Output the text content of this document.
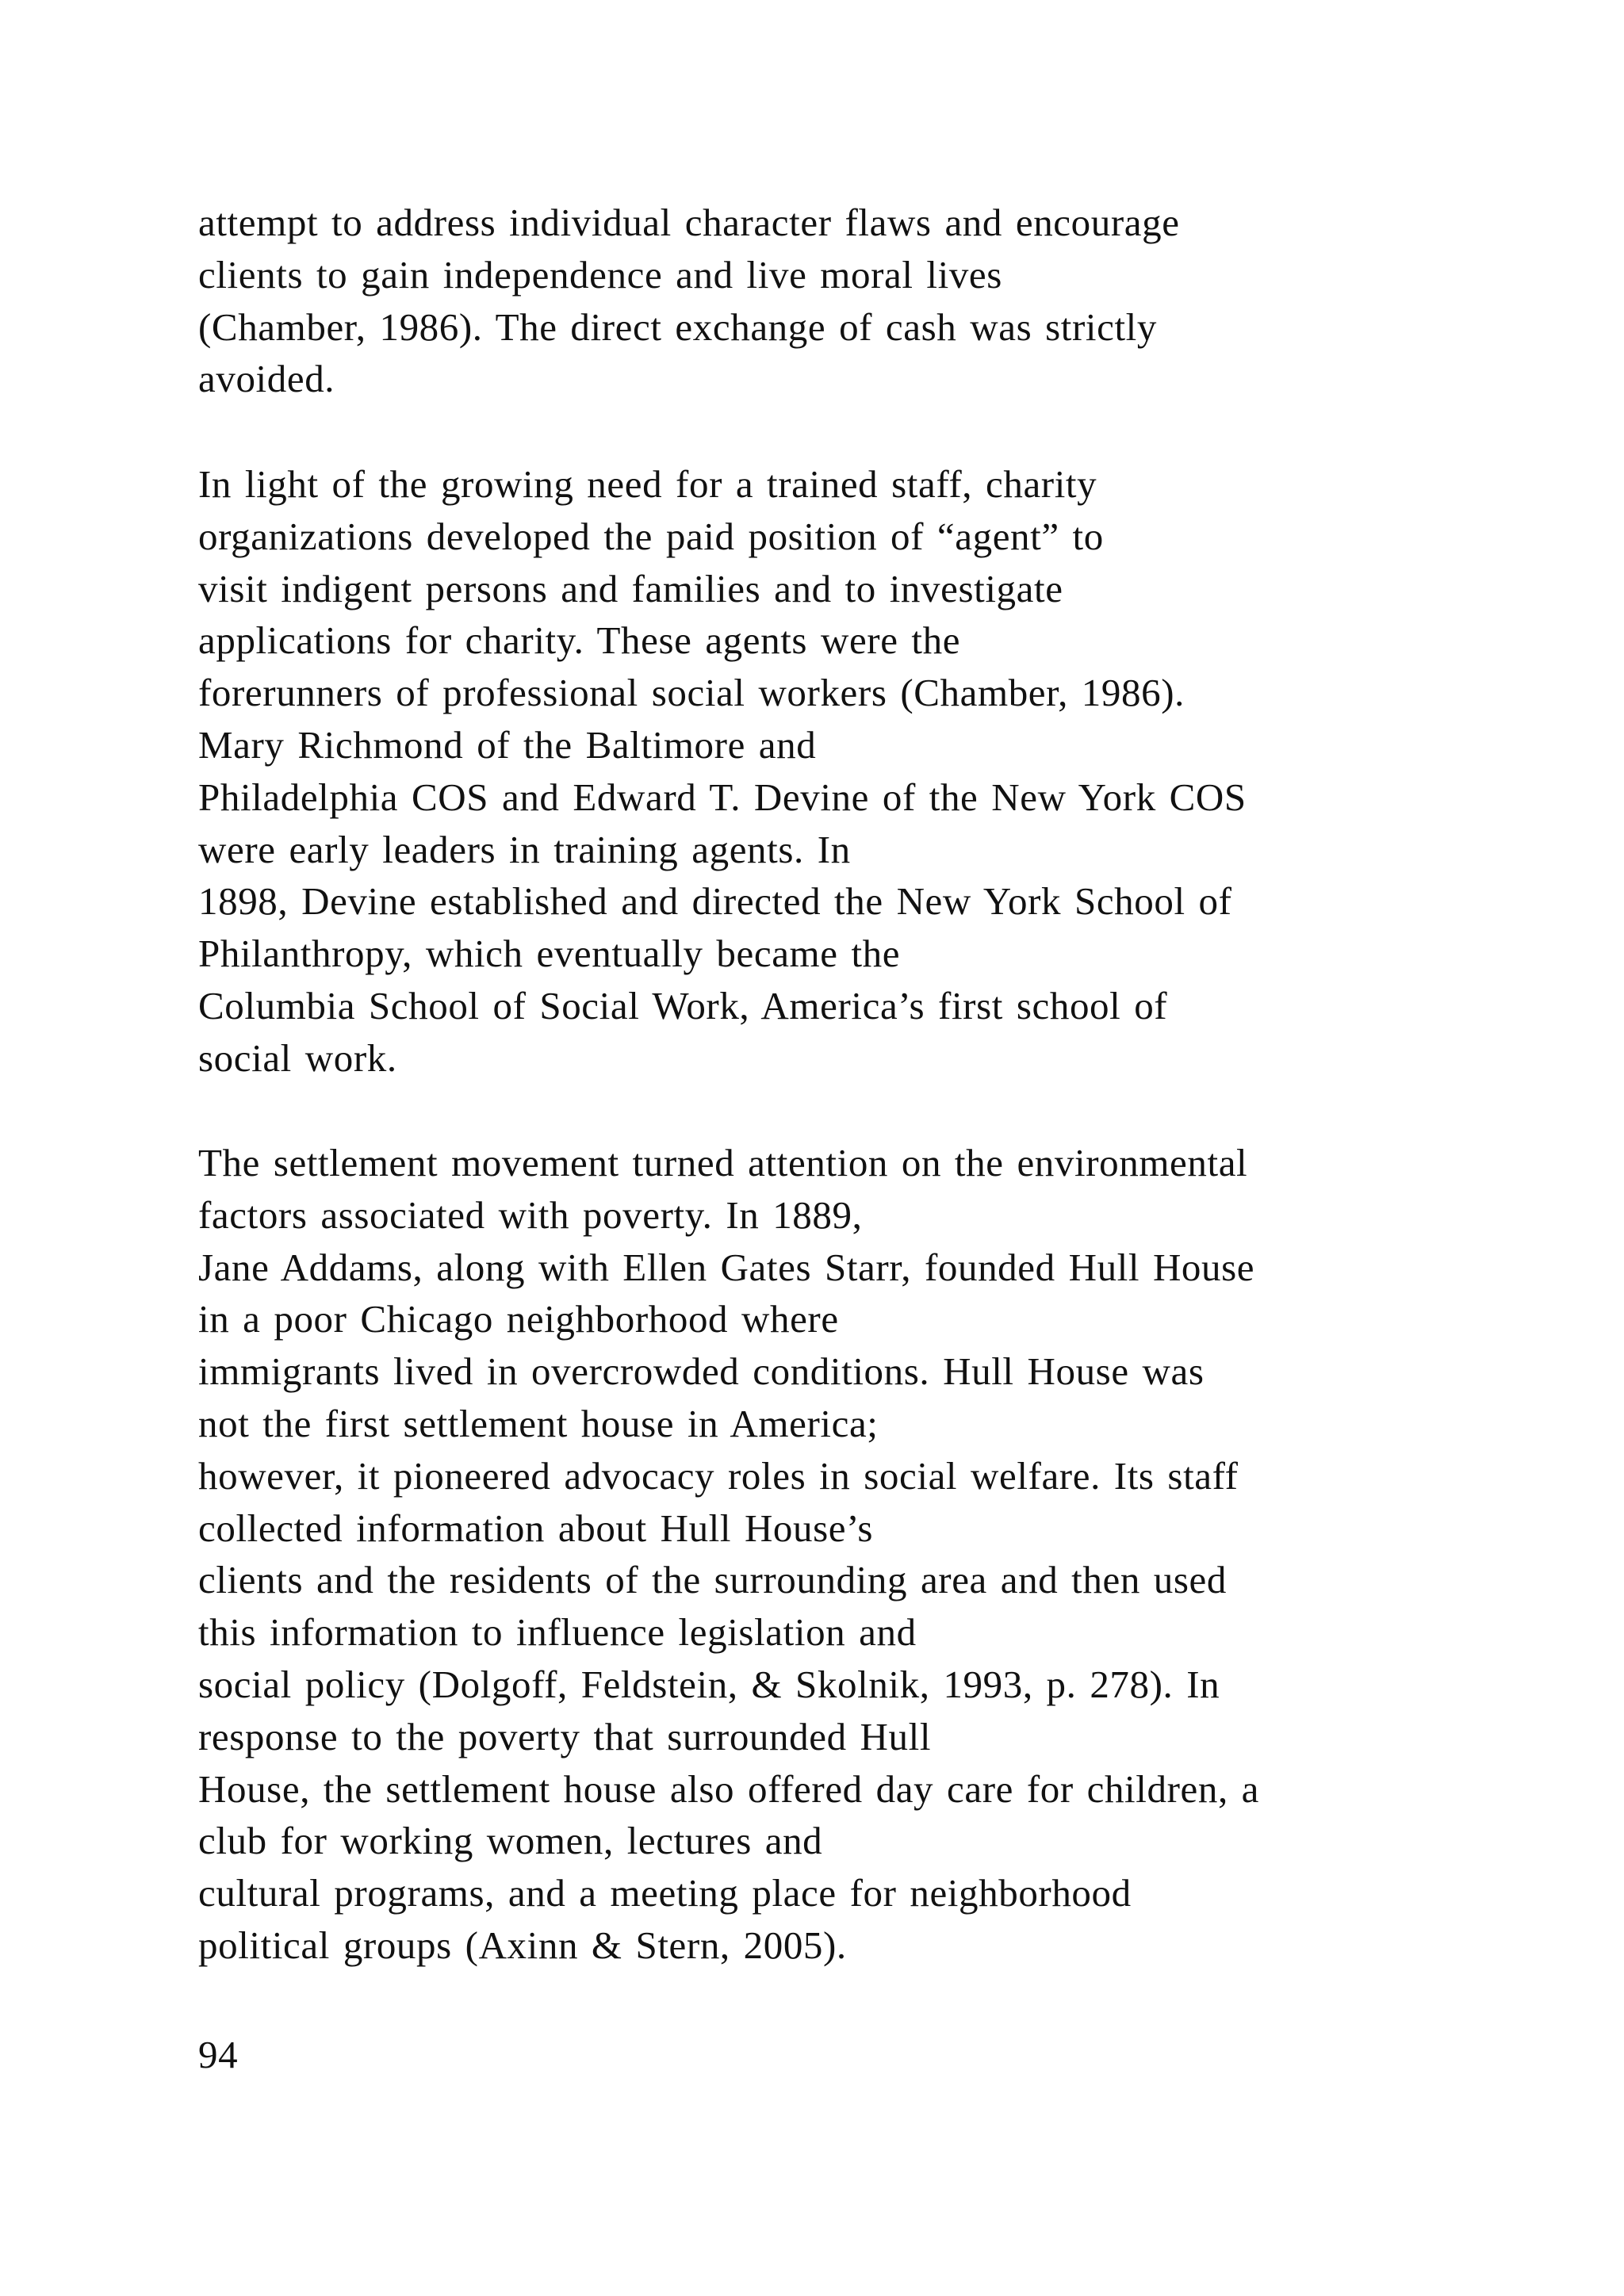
attempt to address individual character flaws and encourage
clients to gain independence and live moral lives
(Chamber, 1986). The direct exchange of cash was strictly
avoided.
In light of the growing need for a trained staff, charity
organizations developed the paid position of “agent” to
visit indigent persons and families and to investigate
applications for charity. These agents were the
forerunners of professional social workers (Chamber, 1986).
Mary Richmond of the Baltimore and
Philadelphia COS and Edward T. Devine of the New York COS
were early leaders in training agents. In
1898, Devine established and directed the New York School of
Philanthropy, which eventually became the
Columbia School of Social Work, America’s first school of
social work.
The settlement movement turned attention on the environmental
factors associated with poverty. In 1889,
Jane Addams, along with Ellen Gates Starr, founded Hull House
in a poor Chicago neighborhood where
immigrants lived in overcrowded conditions. Hull House was
not the first settlement house in America;
however, it pioneered advocacy roles in social welfare. Its staff
collected information about Hull House’s
clients and the residents of the surrounding area and then used
this information to influence legislation and
social policy (Dolgoff, Feldstein, & Skolnik, 1993, p. 278). In
response to the poverty that surrounded Hull
House, the settlement house also offered day care for children, a
club for working women, lectures and
cultural programs, and a meeting place for neighborhood
political groups (Axinn & Stern, 2005).
94
